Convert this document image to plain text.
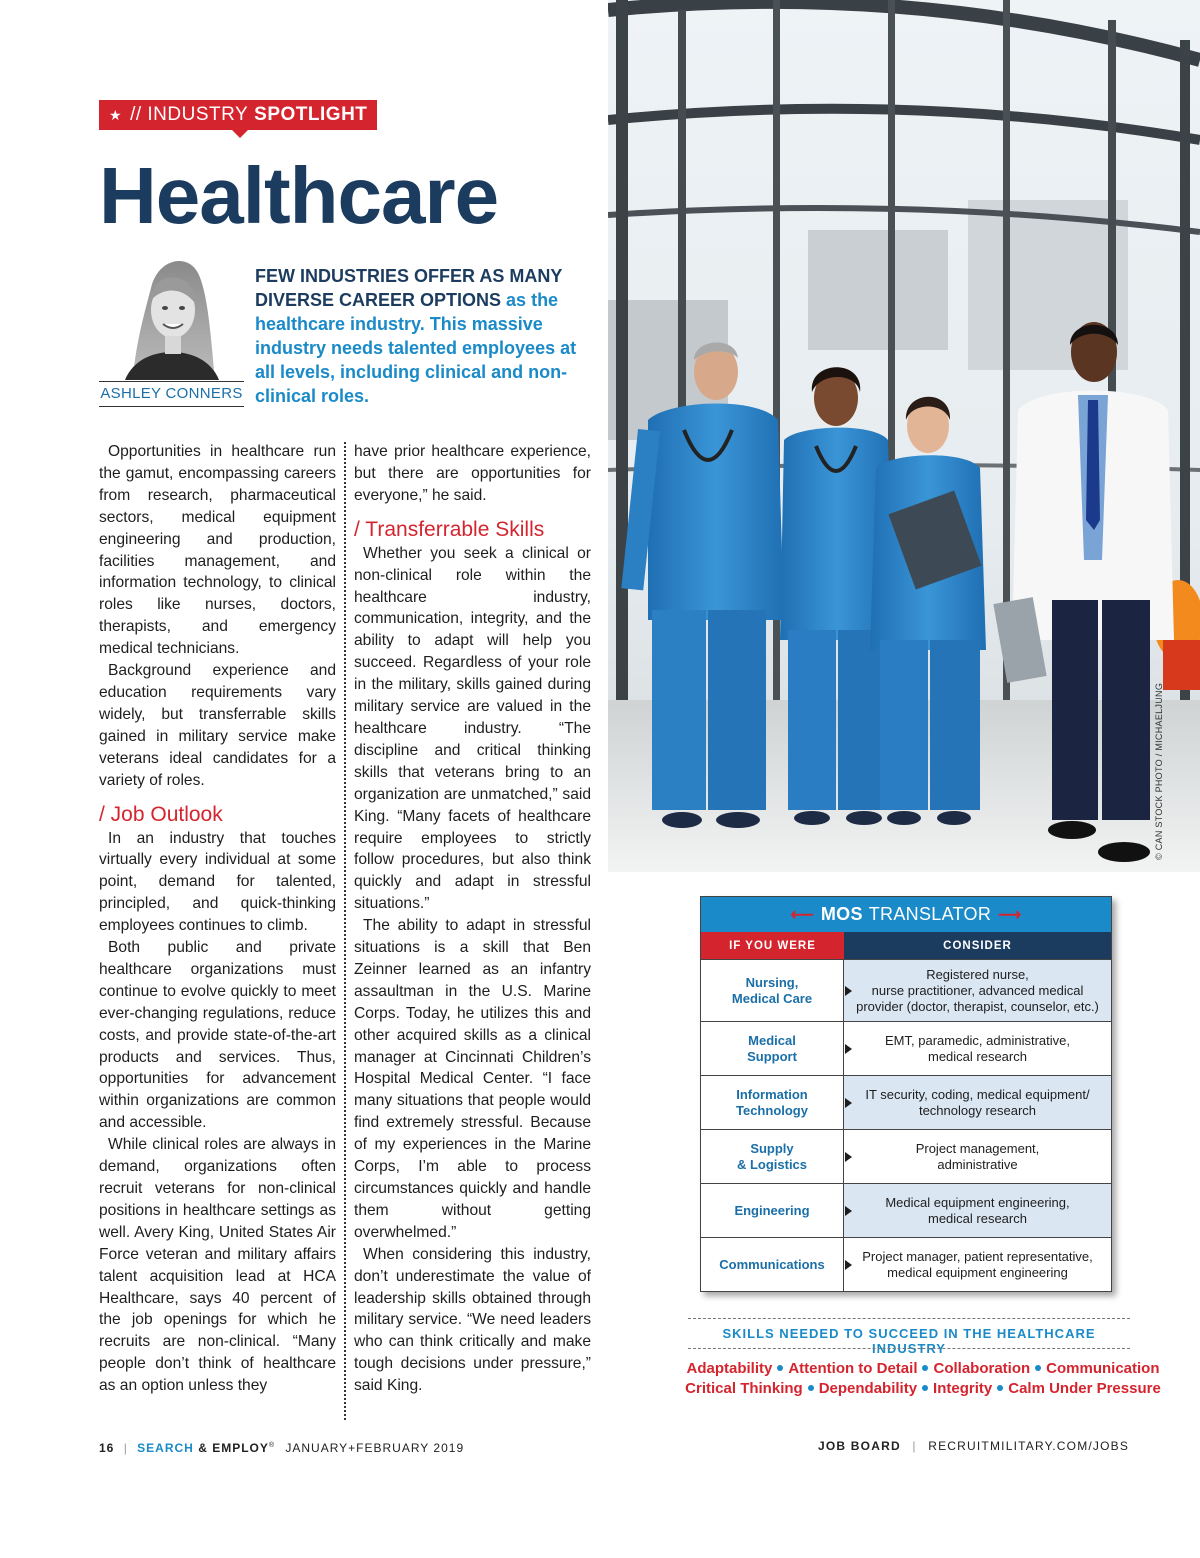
★ // INDUSTRY SPOTLIGHT
Healthcare
ASHLEY CONNERS
FEW INDUSTRIES OFFER AS MANY DIVERSE CAREER OPTIONS as the healthcare industry. This massive industry needs talented employees at all levels, including clinical and non-clinical roles.

Opportunities in healthcare run the gamut, encompassing careers from research, pharmaceutical sectors, medical equipment engineering and production, facilities management, and information technology, to clinical roles like nurses, doctors, therapists, and emergency medical technicians.

Background experience and education requirements vary widely, but transferrable skills gained in military service make veterans ideal candidates for a variety of roles.

/ Job Outlook

In an industry that touches virtually every individual at some point, demand for talented, principled, and quick-thinking employees continues to climb.

Both public and private healthcare organizations must continue to evolve quickly to meet ever-changing regulations, reduce costs, and provide state-of-the-art products and services. Thus, opportunities for advancement within organizations are common and accessible.

While clinical roles are always in demand, organizations often recruit veterans for non-clinical positions in healthcare settings as well. Avery King, United States Air Force veteran and military affairs talent acquisition lead at HCA Healthcare, says 40 percent of the job openings for which he recruits are non-clinical. “Many people don’t think of healthcare as an option unless they

have prior healthcare experience, but there are opportunities for everyone,” he said.

/ Transferrable Skills

Whether you seek a clinical or non-clinical role within the healthcare industry, communication, integrity, and the ability to adapt will help you succeed. Regardless of your role in the military, skills gained during military service are valued in the healthcare industry. “The discipline and critical thinking skills that veterans bring to an organization are unmatched,” said King. “Many facets of healthcare require employees to strictly follow procedures, but also think quickly and adapt in stressful situations.”

The ability to adapt in stressful situations is a skill that Ben Zeinner learned as an infantry assaultman in the U.S. Marine Corps. Today, he utilizes this and other acquired skills as a clinical manager at Cincinnati Children’s Hospital Medical Center. “I face many situations that people would find extremely stressful. Because of my experiences in the Marine Corps, I’m able to process circumstances quickly and handle them without getting overwhelmed.”

When considering this industry, don’t underestimate the value of leadership skills obtained through military service. “We need leaders who can think critically and make tough decisions under pressure,” said King.

16 | SEARCH & EMPLOY® JANUARY+FEBRUARY 2019
© CAN STOCK PHOTO / MICHAELJUNG
⟵ MOS TRANSLATOR ⟶
IF YOU WERE	CONSIDER
Nursing,
Medical Care
Registered nurse,
nurse practitioner, advanced medical provider (doctor, therapist, counselor, etc.)
Medical
Support
EMT, paramedic, administrative,
medical research
Information
Technology
IT security, coding, medical equipment/
technology research
Supply
& Logistics
Project management,
administrative
Engineering
Medical equipment engineering,
medical research
Communications
Project manager, patient representative,
medical equipment engineering
SKILLS NEEDED TO SUCCEED IN THE HEALTHCARE INDUSTRY
Adaptability Attention to Detail Collaboration Communication
Critical Thinking Dependability Integrity Calm Under Pressure
JOB BOARD | RECRUITMILITARY.COM/JOBS
